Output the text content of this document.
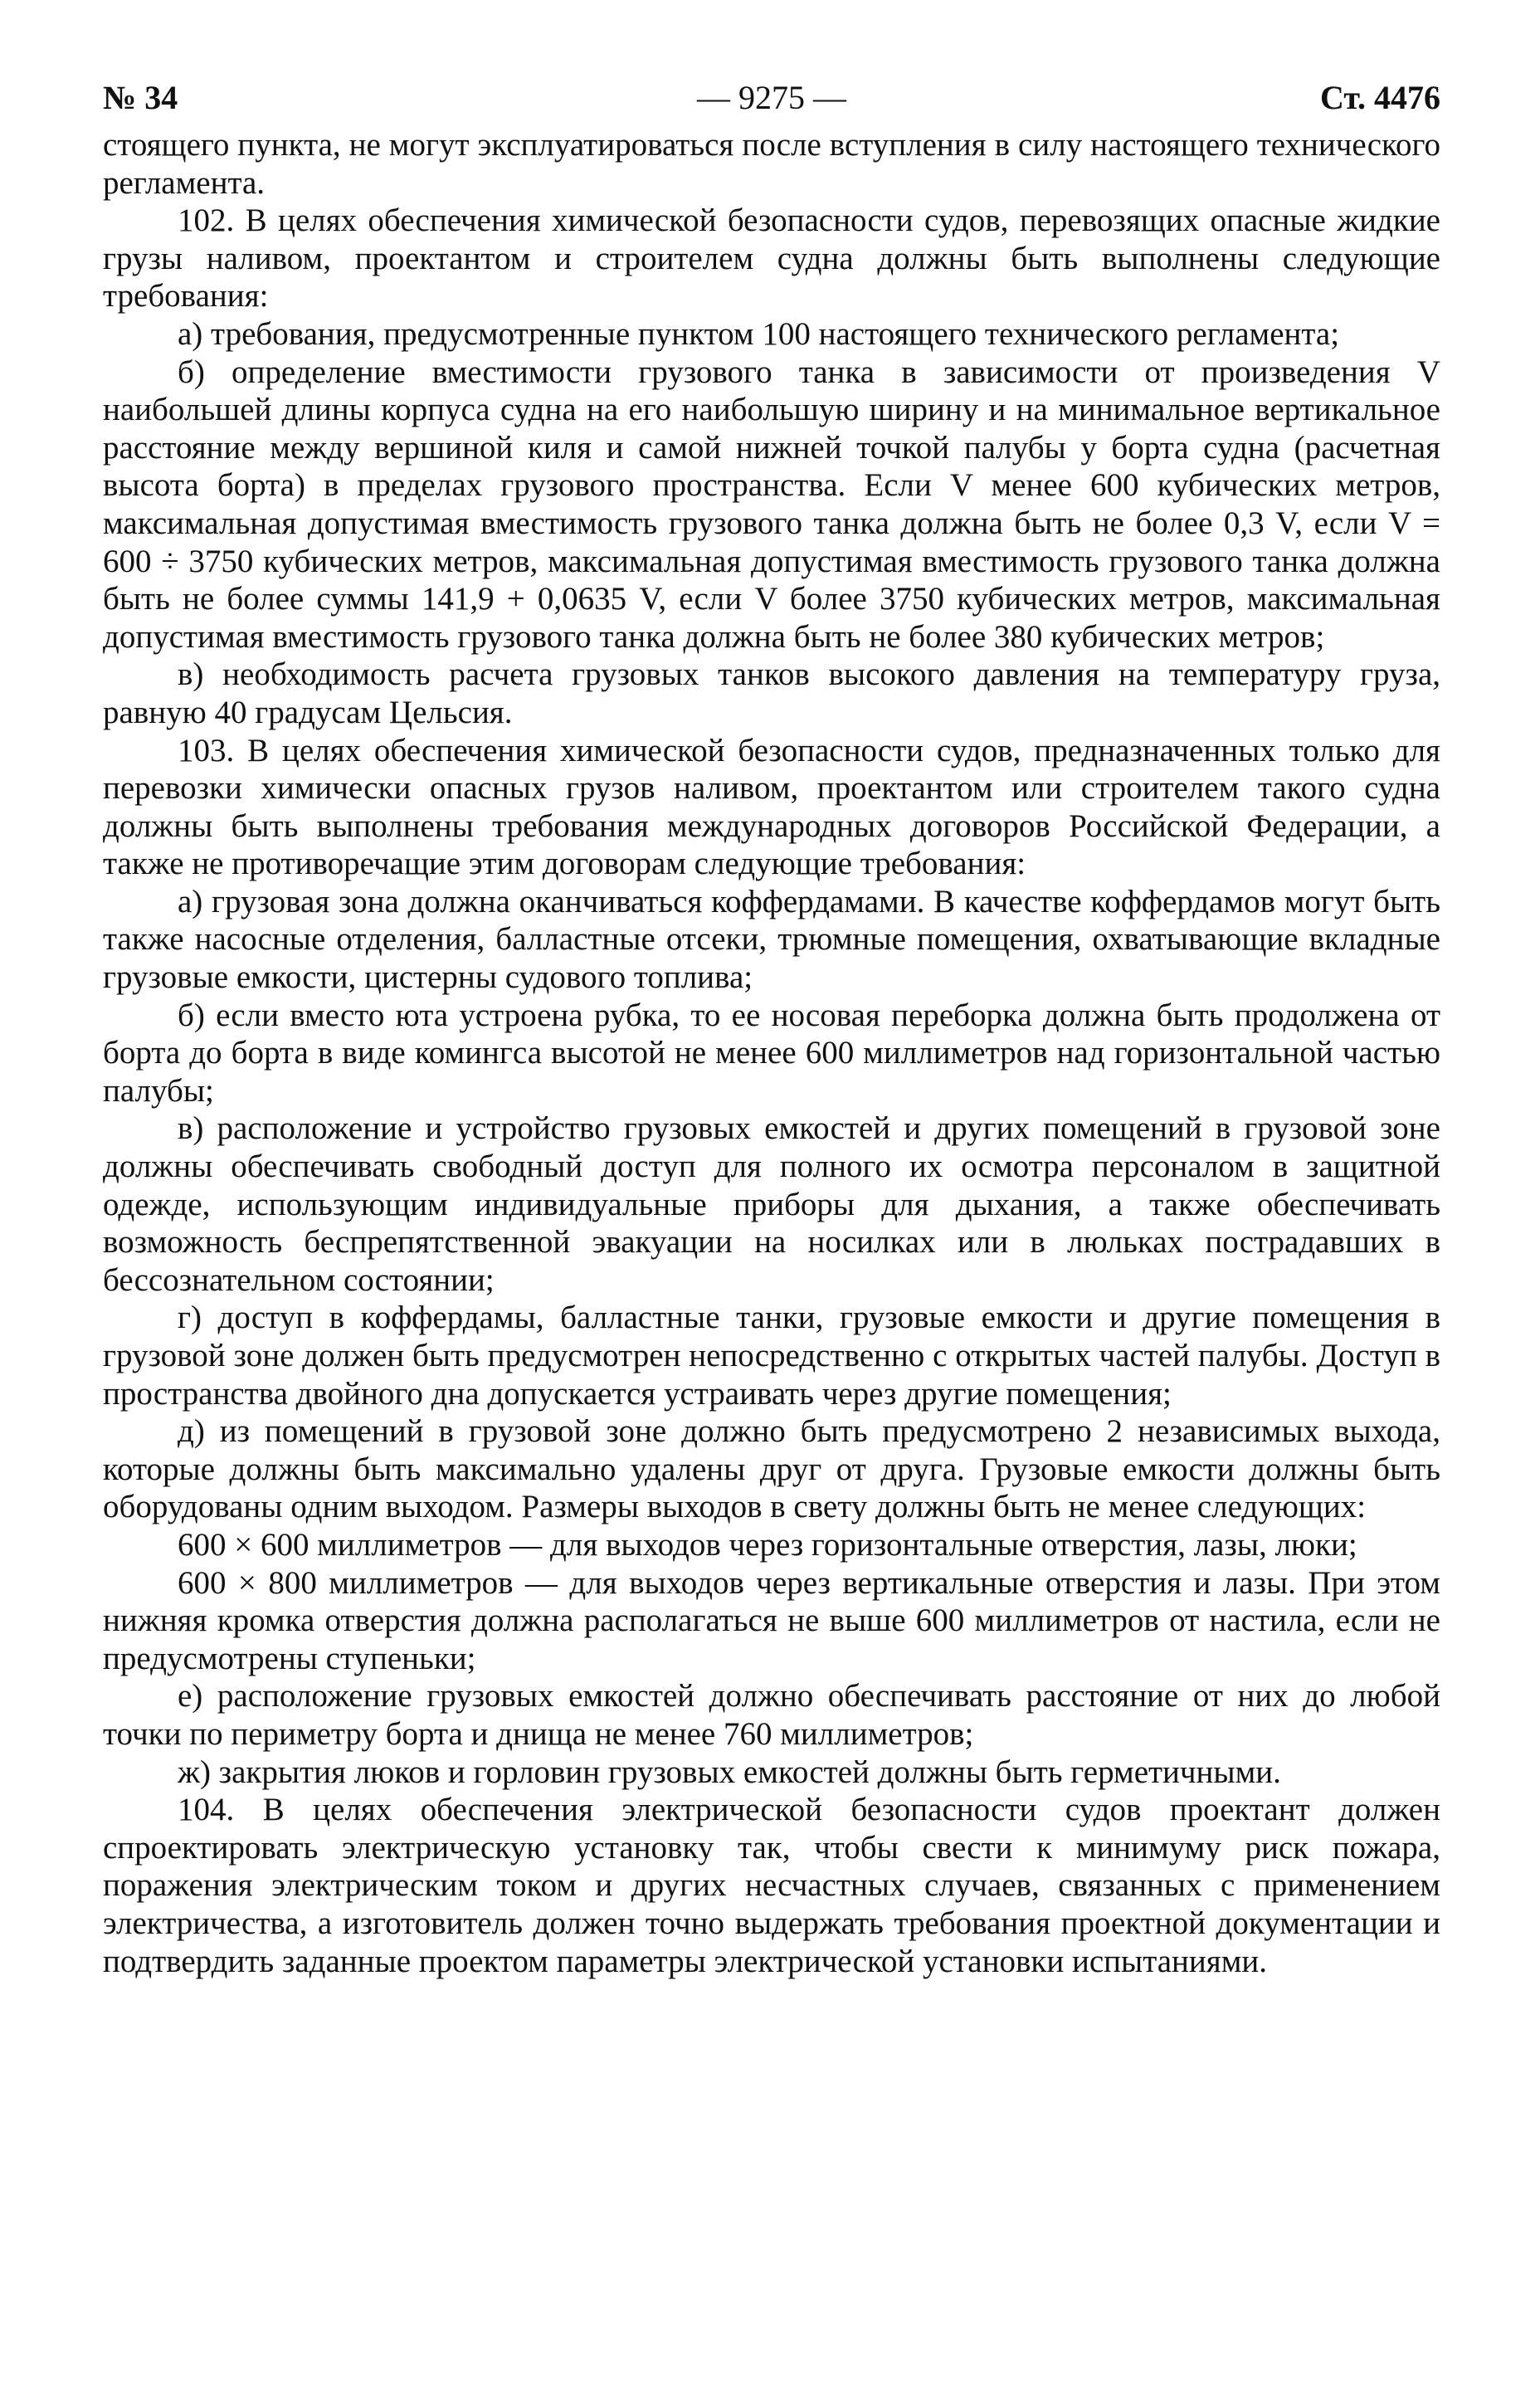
№ 34	— 9275 —	Ст. 4476

стоящего пункта, не могут эксплуатироваться после вступления в силу настоящего технического регламента.

102. В целях обеспечения химической безопасности судов, перевозящих опасные жидкие грузы наливом, проектантом и строителем судна должны быть выполнены следующие требования:

а) требования, предусмотренные пунктом 100 настоящего технического регламента;

б) определение вместимости грузового танка в зависимости от произведения V наибольшей длины корпуса судна на его наибольшую ширину и на минимальное вертикальное расстояние между вершиной киля и самой нижней точкой палубы у борта судна (расчетная высота борта) в пределах грузового пространства. Если V менее 600 кубических метров, максимальная допустимая вместимость грузового танка должна быть не более 0,3 V, если V = 600 ÷ 3750 кубических метров, максимальная допустимая вместимость грузового танка должна быть не более суммы 141,9 + 0,0635 V, если V более 3750 кубических метров, максимальная допустимая вместимость грузового танка должна быть не более 380 кубических метров;

в) необходимость расчета грузовых танков высокого давления на температуру груза, равную 40 градусам Цельсия.

103. В целях обеспечения химической безопасности судов, предназначенных только для перевозки химически опасных грузов наливом, проектантом или строителем такого судна должны быть выполнены требования международных договоров Российской Федерации, а также не противоречащие этим договорам следующие требования:

а) грузовая зона должна оканчиваться коффердамами. В качестве коффердамов могут быть также насосные отделения, балластные отсеки, трюмные помещения, охватывающие вкладные грузовые емкости, цистерны судового топлива;

б) если вместо юта устроена рубка, то ее носовая переборка должна быть продолжена от борта до борта в виде комингса высотой не менее 600 миллиметров над горизонтальной частью палубы;

в) расположение и устройство грузовых емкостей и других помещений в грузовой зоне должны обеспечивать свободный доступ для полного их осмотра персоналом в защитной одежде, использующим индивидуальные приборы для дыхания, а также обеспечивать возможность беспрепятственной эвакуации на носилках или в люльках пострадавших в бессознательном состоянии;

г) доступ в коффердамы, балластные танки, грузовые емкости и другие помещения в грузовой зоне должен быть предусмотрен непосредственно с открытых частей палубы. Доступ в пространства двойного дна допускается устраивать через другие помещения;

д) из помещений в грузовой зоне должно быть предусмотрено 2 независимых выхода, которые должны быть максимально удалены друг от друга. Грузовые емкости должны быть оборудованы одним выходом. Размеры выходов в свету должны быть не менее следующих:

600 × 600 миллиметров — для выходов через горизонтальные отверстия, лазы, люки;

600 × 800 миллиметров — для выходов через вертикальные отверстия и лазы. При этом нижняя кромка отверстия должна располагаться не выше 600 миллиметров от настила, если не предусмотрены ступеньки;

е) расположение грузовых емкостей должно обеспечивать расстояние от них до любой точки по периметру борта и днища не менее 760 миллиметров;

ж) закрытия люков и горловин грузовых емкостей должны быть герметичными.

104. В целях обеспечения электрической безопасности судов проектант должен спроектировать электрическую установку так, чтобы свести к минимуму риск пожара, поражения электрическим током и других несчастных случаев, связанных с применением электричества, а изготовитель должен точно выдержать требования проектной документации и подтвердить заданные проектом параметры электрической установки испытаниями.
